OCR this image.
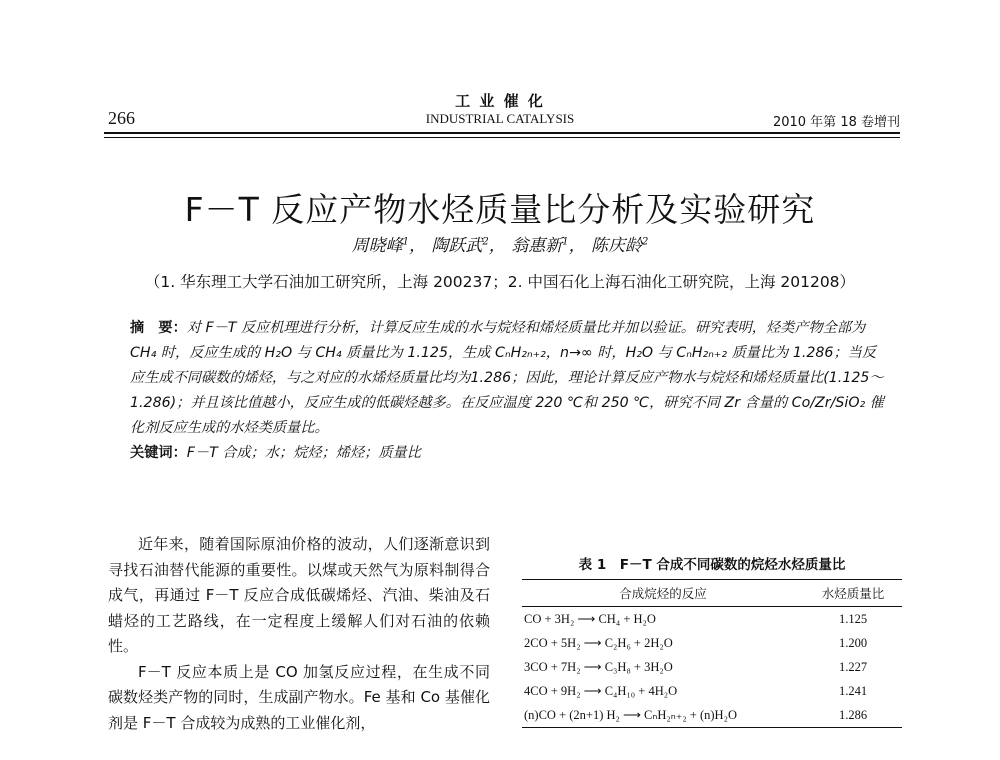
266
工 业 催 化
INDUSTRIAL CATALYSIS	2010 年第 18 卷增刊
F－T 反应产物水烃质量比分析及实验研究
周晓峰$^1$， 陶跃武$^2$， 翁惠新$^1$， 陈庆龄$^2$
（1. 华东理工大学石油加工研究所，上海 200237；2. 中国石化上海石油化工研究院，上海 201208）

摘　要：对 F－T 反应机理进行分析，计算反应生成的水与烷烃和烯烃质量比并加以验证。研究表明，烃类产物全部为 CH₄ 时，反应生成的 H₂O 与 CH₄ 质量比为 1.125，生成 CₙH₂ₙ₊₂，n→∞ 时，H₂O 与 CₙH₂ₙ₊₂ 质量比为 1.286；当反应生成不同碳数的烯烃，与之对应的水烯烃质量比均为1.286；因此，理论计算反应产物水与烷烃和烯烃质量比(1.125～1.286)；并且该比值越小，反应生成的低碳烃越多。在反应温度 220 ℃和 250 ℃，研究不同 Zr 含量的 Co/Zr/SiO₂ 催化剂反应生成的水烃类质量比。

关键词：F－T 合成；水；烷烃；烯烃；质量比

近年来，随着国际原油价格的波动，人们逐渐意识到寻找石油替代能源的重要性。以煤或天然气为原料制得合成气，再通过 F－T 反应合成低碳烯烃、汽油、柴油及石蜡烃的工艺路线，在一定程度上缓解人们对石油的依赖性。

F－T 反应本质上是 CO 加氢反应过程，在生成不同碳数烃类产物的同时，生成副产物水。Fe 基和 Co 基催化剂是 F－T 合成较为成熟的工业催化剂，

表 1　F－T 合成不同碳数的烷烃水烃质量比
合成烷烃的反应	水烃质量比
CO + 3H₂ ⟶ CH₄ + H₂O	1.125
2CO + 5H₂ ⟶ C₂H₆ + 2H₂O	1.200
3CO + 7H₂ ⟶ C₃H₈ + 3H₂O	1.227
4CO + 9H₂ ⟶ C₄H₁₀ + 4H₂O	1.241
(n)CO + (2n+1) H₂ ⟶ CₙH₂ₙ₊₂ + (n)H₂O	1.286
